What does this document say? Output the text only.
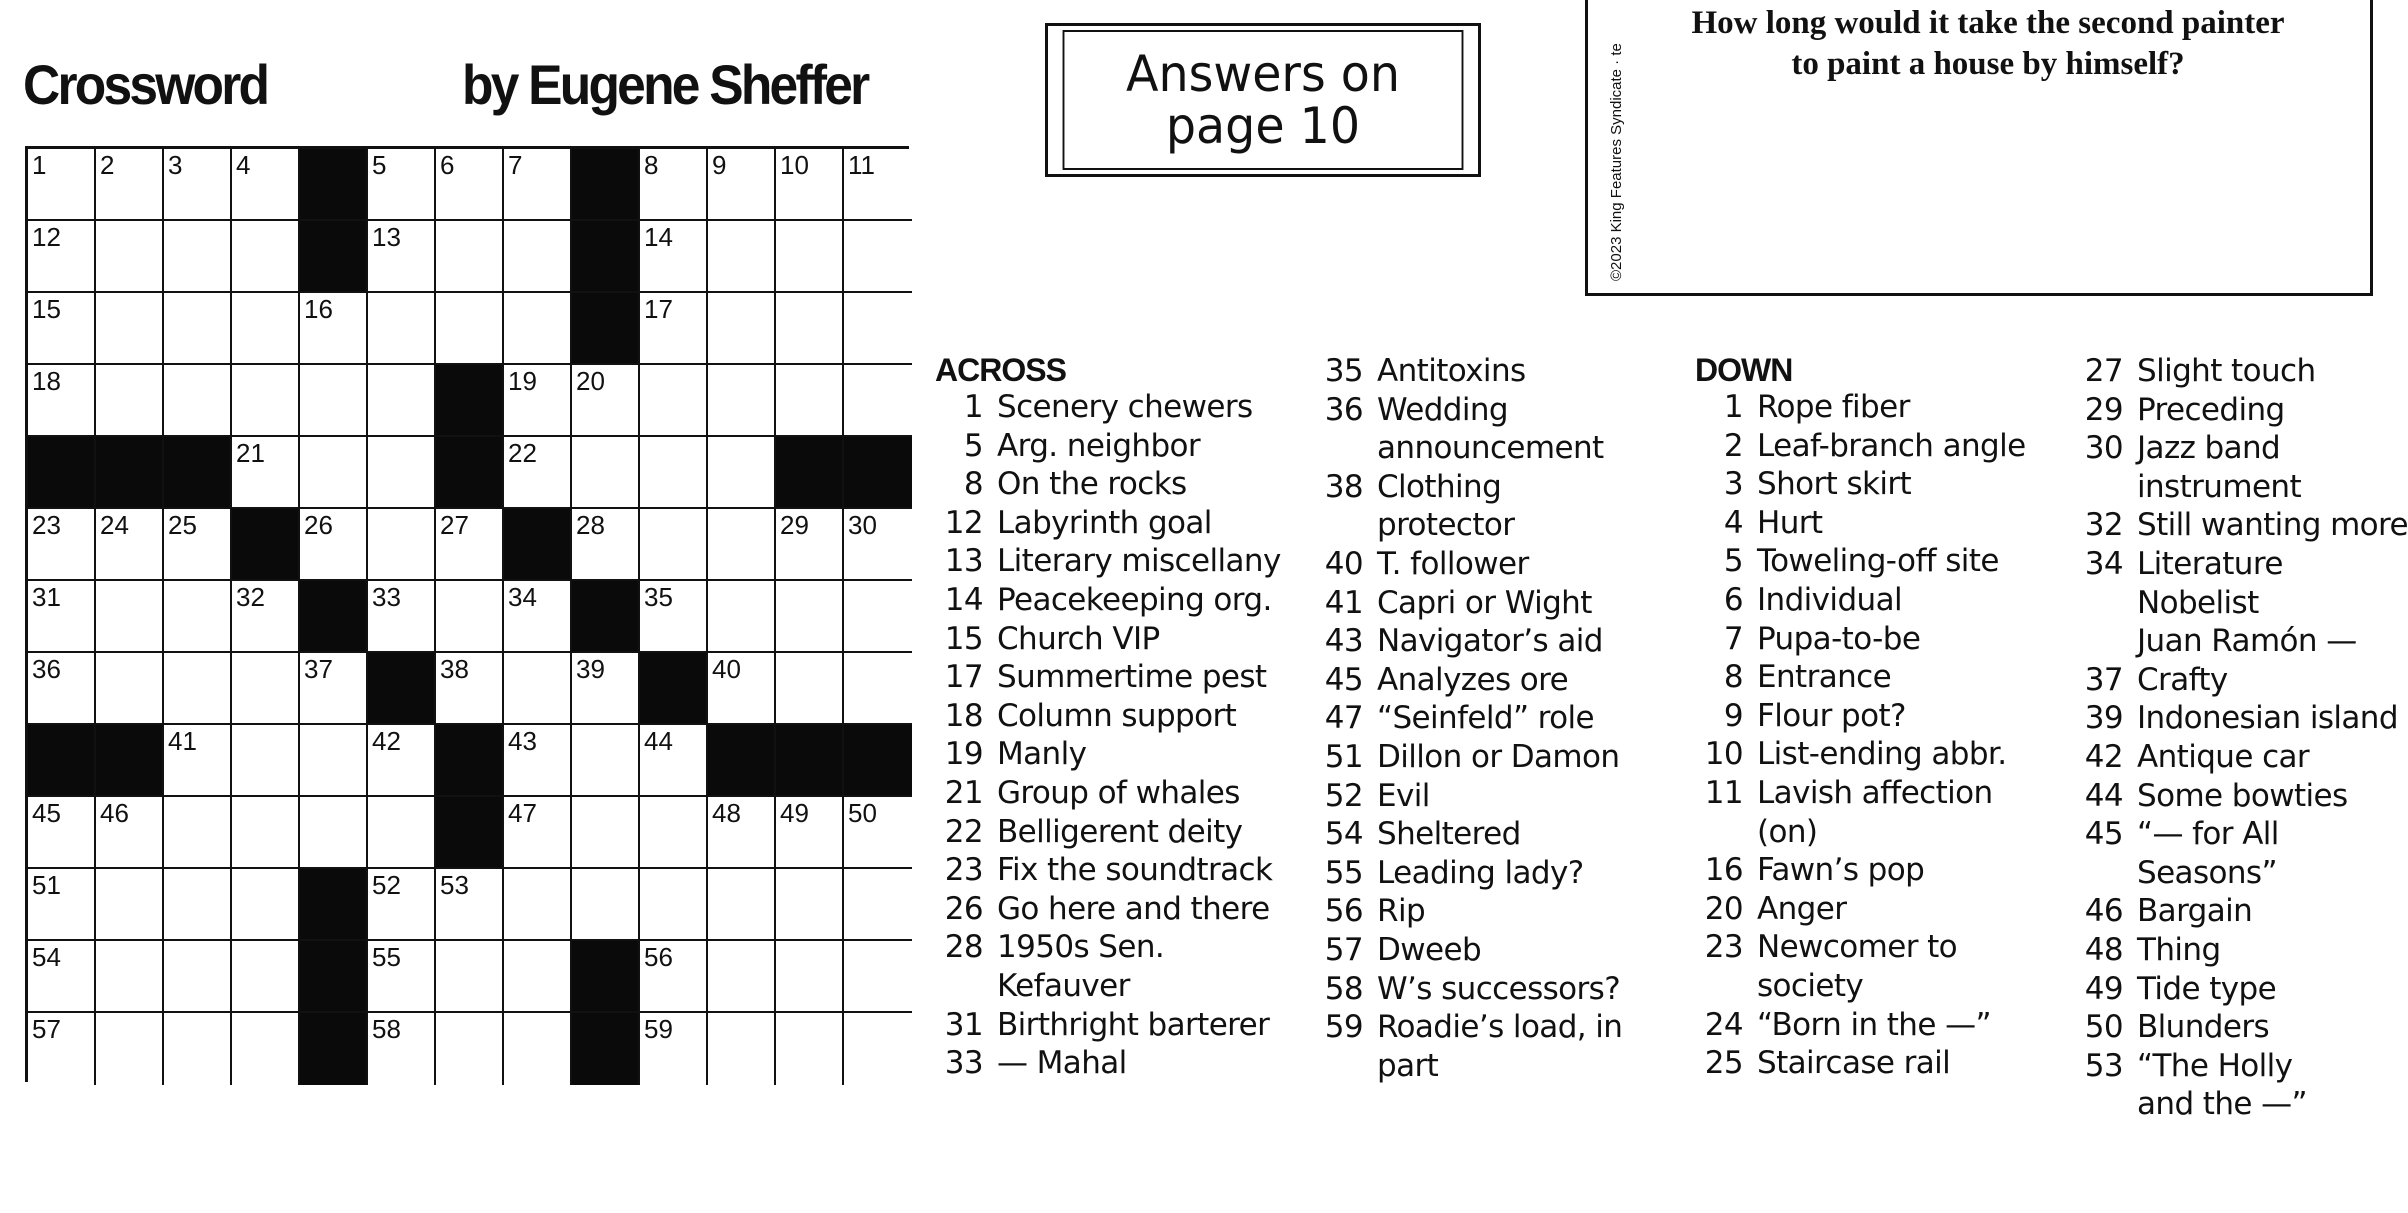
Crossword	by Eugene Sheffer
1 2 3 4	5 6 7	8 9 10 11
12	13	14
15	16	17
18	19 20
21	22
23 24 25	26	27	28	29 30
31	32	33	34	35
36	37	38	39	40
41	42	43	44
45 46	47	48 49 50
51	52 53
54	55	56
57	58	59
Answers on page 10
How long would it take the second painter to paint a house by himself?
©2023 King Features Syndicate · te
ACROSS
1 Scenery chewers
5 Arg. neighbor
8 On the rocks
12 Labyrinth goal
13 Literary miscellany
14 Peacekeeping org.
15 Church VIP
17 Summertime pest
18 Column support
19 Manly
21 Group of whales
22 Belligerent deity
23 Fix the soundtrack
26 Go here and there
28 1950s Sen.
Kefauver
31 Birthright barterer
33 — Mahal
35 Antitoxins
36 Wedding
announcement
38 Clothing
protector
40 T. follower
41 Capri or Wight
43 Navigator’s aid
45 Analyzes ore
47 “Seinfeld” role
51 Dillon or Damon
52 Evil
54 Sheltered
55 Leading lady?
56 Rip
57 Dweeb
58 W’s successors?
59 Roadie’s load, in
part
DOWN
1 Rope fiber
2 Leaf-branch angle
3 Short skirt
4 Hurt
5 Toweling-off site
6 Individual
7 Pupa-to-be
8 Entrance
9 Flour pot?
10 List-ending abbr.
11 Lavish affection
(on)
16 Fawn’s pop
20 Anger
23 Newcomer to
society
24 “Born in the —”
25 Staircase rail
27 Slight touch
29 Preceding
30 Jazz band
instrument
32 Still wanting more
34 Literature Nobelist
Juan Ramón —
37 Crafty
39 Indonesian island
42 Antique car
44 Some bowties
45 “— for All
Seasons”
46 Bargain
48 Thing
49 Tide type
50 Blunders
53 “The Holly
and the —”
